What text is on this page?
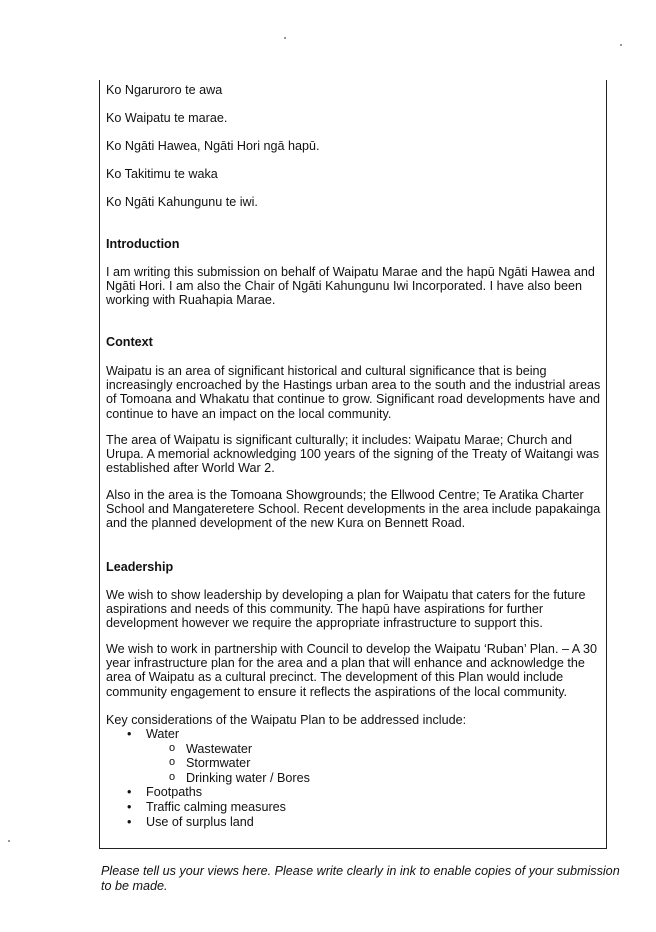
Ko Ngaruroro te awa

Ko Waipatu te marae.

Ko Ngāti Hawea, Ngāti Hori ngā hapū.

Ko Takitimu te waka

Ko Ngāti Kahungunu te iwi.

Introduction

I am writing this submission on behalf of Waipatu Marae and the hapū Ngāti Hawea and Ngāti Hori. I am also the Chair of Ngāti Kahungunu Iwi Incorporated. I have also been working with Ruahapia Marae.

Context

Waipatu is an area of significant historical and cultural significance that is being increasingly encroached by the Hastings urban area to the south and the industrial areas of Tomoana and Whakatu that continue to grow. Significant road developments have and continue to have an impact on the local community.

The area of Waipatu is significant culturally; it includes: Waipatu Marae; Church and Urupa. A memorial acknowledging 100 years of the signing of the Treaty of Waitangi was established after World War 2.

Also in the area is the Tomoana Showgrounds; the Ellwood Centre; Te Aratika Charter School and Mangateretere School. Recent developments in the area include papakainga and the planned development of the new Kura on Bennett Road.

Leadership

We wish to show leadership by developing a plan for Waipatu that caters for the future aspirations and needs of this community. The hapū have aspirations for further development however we require the appropriate infrastructure to support this.

We wish to work in partnership with Council to develop the Waipatu ‘Ruban’ Plan. – A 30 year infrastructure plan for the area and a plan that will enhance and acknowledge the area of Waipatu as a cultural precinct. The development of this Plan would include community engagement to ensure it reflects the aspirations of the local community.

Key considerations of the Waipatu Plan to be addressed include:

• Water
o Wastewater
o Stormwater
o Drinking water / Bores
• Footpaths
• Traffic calming measures
• Use of surplus land

Please tell us your views here. Please write clearly in ink to enable copies of your submission to be made.
